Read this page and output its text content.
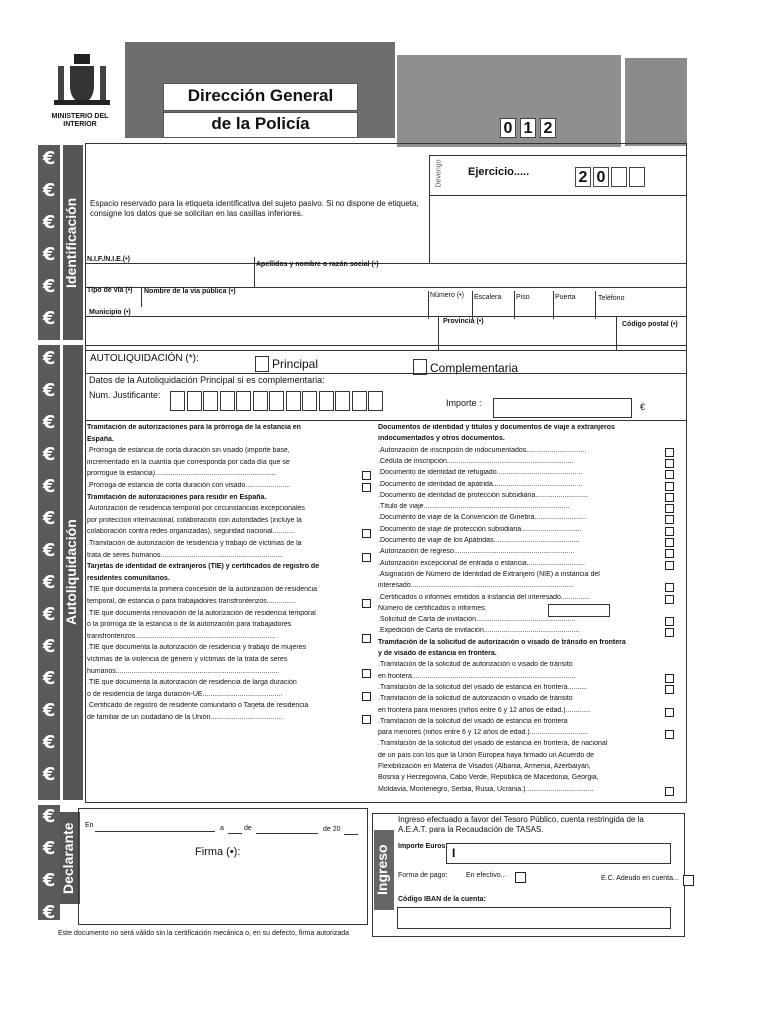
MINISTERIO DEL
INTERIOR
Dirección General
de la Policía	0 1 2
€
€
€
€
€
€
€
€
€
€
€
€
€
€
€
€
€
€
€
€
€
€
€
€
Identificación
Devengo Ejercicio.....	2 0
Espacio reservado para la etiqueta identificativa del sujeto pasivo. Si no dispone de etiqueta, consigne los datos que se solicitan en las casillas inferiores.
N.I.F./N.I.E.(•)
Apellidos y nombre o razón social (•)
Tipo de vía (•) Nombre de la vía pública (•)
Número (•) Escalera Piso	Puerta	Teléfono
Municipio (•)
Provincia (•)	Código postal (•)
Autoliquidación
AUTOLIQUIDACIÓN (*):	Principal	Complementaria
Datos de la Autoliquidación Principal si es complementaria:
Num. Justificante:
Importe :	€
Tramitación de autorizaciones para la prórroga de la estancia en
España.
.Prórroga de estancia de corta duración sin visado (importe base,
incrementado en la cuantía que corresponda por cada día que se
prorrogue la estancia)..............................................................
.Prórroga de estancia de corta duración con visado.......................
Tramitación de autorizaciones para residir en España.
.Autorización de residencia temporal por circunstancias excepcionales
por proteccion internacional, colaboración con autoridades (incluye la
colaboración contra redes organizadas), seguridad nacional...........
.Tramitación de autorización de residencia y trabajo de víctimas de la
trata de seres humanos...............................................................
Tarjetas de identidad de extranjeros (TIE) y certificados de registro de
residentes comunitarios.
.TIE que documenta la primera concesión de la autorización de residencia
temporal, de estancia o para trabajadores transfronterizos...............
.TIE que documenta renovación de la autorización de residencia temporal
o la prórroga de la estancia o de la autorización para trabajadores
transfronterizos........................................................................
.TIE que documenta la autorización de residencia y trabajo de mujeres
víctimas de la violencia de género y víctimas de la trata de seres
humanos....................................................................................
.TIE que documenta la autorización de residencia de larga duración
o de residencia de larga duración-UE.........................................
.Certificado de registro de residente comunitario o Tarjeta de residencia
de familiar de un ciudadano de la Unión.....................................
Documentos de identidad y títulos y documentos de viaje a extranjeros
indocumentados y otros documentos.
.Autorización de inscripción de indocumentados...............................
.Cédula de inscripción.................................................................
.Documento de identidad de refugiado............................................
.Documento de identidad de apátrida..............................................
.Documento de identidad de protección subsidiaria...........................
.Título de viaje...........................................................................
.Documento de viaje de la Convención de Ginebra...........................
.Documento de viaje de protección subsidiaria...............................
.Documento de viaje de los Apátridas............................................
.Autorización de regreso..............................................................
.Autorización excepcional de entrada o estancia..............................
.Asignación de Número de Identidad de Extranjero (NIE) a instancia del
interesado....................................................................................
.Certificados o informes emitidos a instancia del interesado...............
Número de certificados o informes:
.Solicitud de Carta de invitación...................................................
.Expedición de Carta de invitación.................................................
Tramitación de la solicitud de autorización o visado de tránsito en frontera
y de visado de estancia en frontera.
.Tramitación de la solicitud de autorización o visado de tránsito
en frontera....................................................................................
.Tramitación de la solicitud del visado de estancia en frontera..........
.Tramitación de la solicitud de autorización o visado de tránsito
en frontera para menores (niños entre 6 y 12 años de edad.).............
.Tramitación de la solicitud del visado de estancia en frontera
para menores (niños entre 6 y 12 años de edad.)..............................
.Tramitación de la solicitud del visado de estancia en frontera, de nacional
de un país con los que la Unión Europea haya firmado un Acuerdo de
Flexibilización en Materia de Visados (Albania, Armenia, Azerbaiyán,
Bosnia y Herzegovina, Cabo Verde, República de Macedonia, Georgia,
Moldavia, Montenegro, Serbia, Rusia, Ucrania.)...................................
Declarante	En	a	de	de 20
Firma (•):	Ingreso
Ingreso efectuado a favor del Tesoro Público, cuenta restringida de la
A.E.A.T. para la Recaudación de TASAS.
Importe Euros: I
Forma de pago:	En efectivo...	E.C. Adeudo en cuenta...
Código IBAN de la cuenta:
Este documento no será válido sin la certificación mecánica o, en su defecto, firma autorizada
